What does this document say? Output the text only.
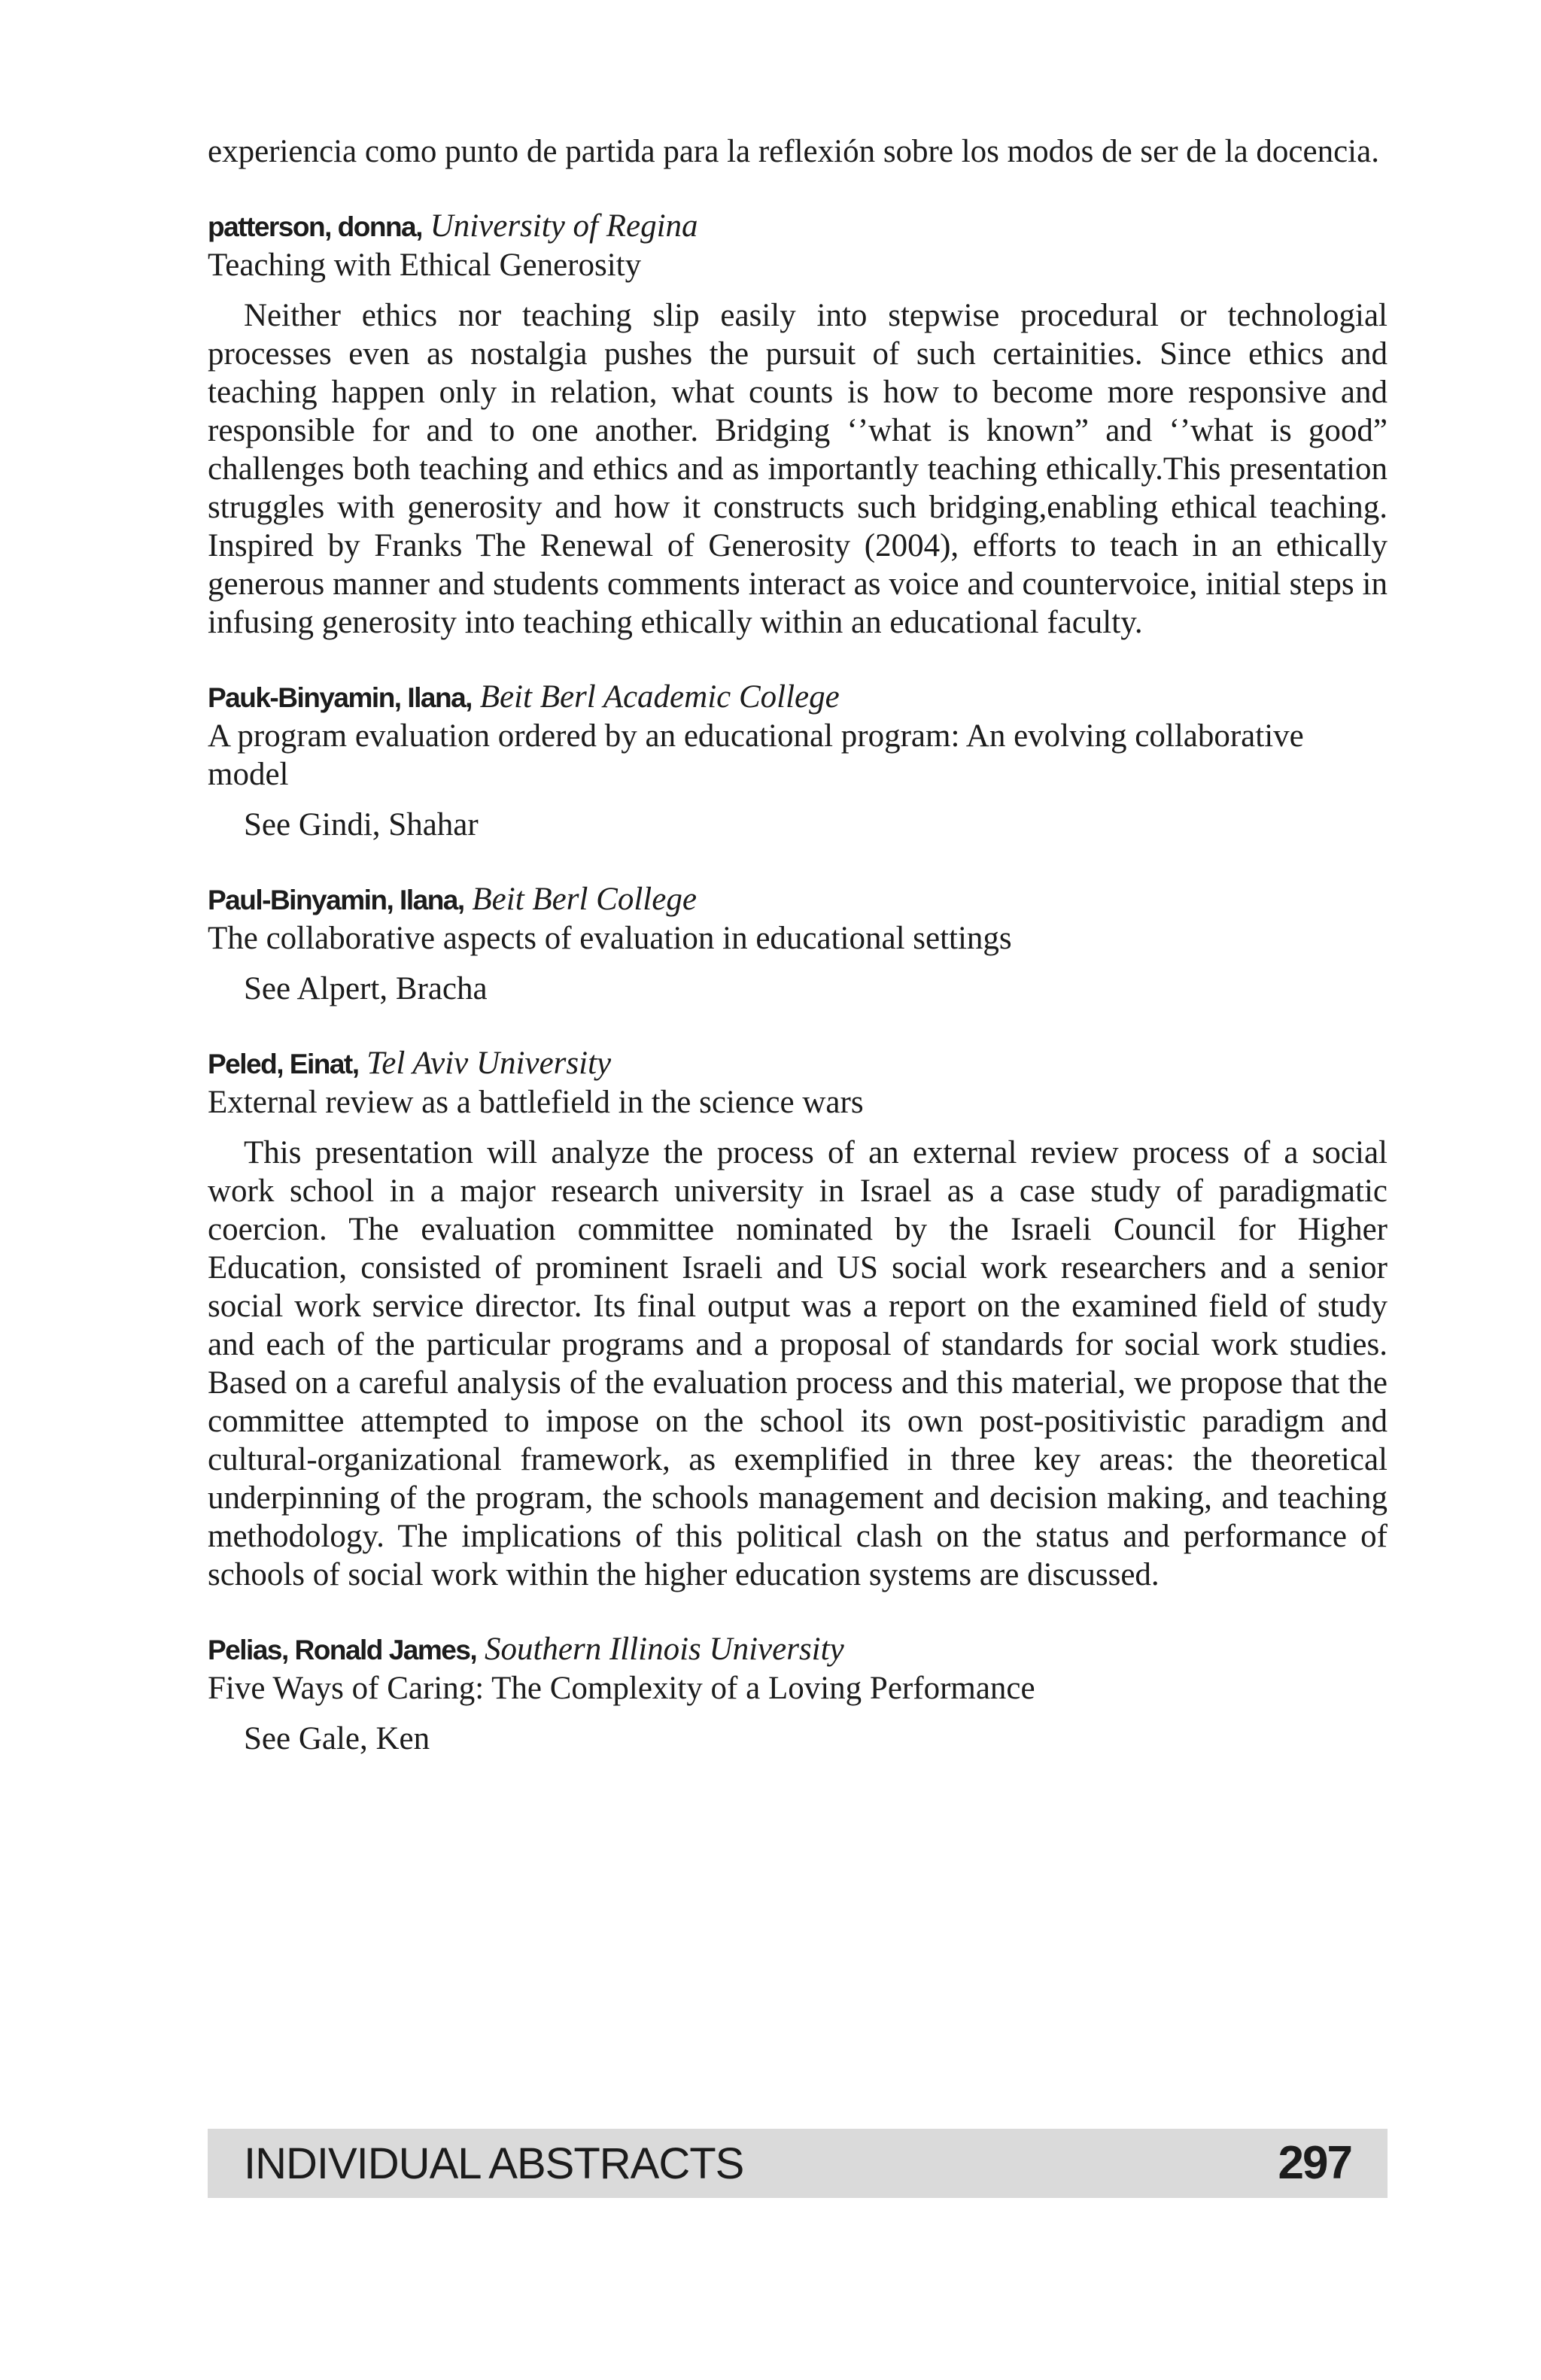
experiencia como punto de partida para la reflexión sobre los modos de ser de la docencia.

patterson, donna, University of Regina

Teaching with Ethical Generosity

Neither ethics nor teaching slip easily into stepwise procedural or technologial processes even as nostalgia pushes the pursuit of such certainities. Since ethics and teaching happen only in relation, what counts is how to become more responsive and responsible for and to one another. Bridging ‘’what is known” and ‘’what is good” challenges both teaching and ethics and as importantly teaching ethically.This presentation struggles with generosity and how it constructs such bridging,enabling ethical teaching. Inspired by Franks The Renewal of Generosity (2004), efforts to teach in an ethically generous manner and students comments interact as voice and countervoice, initial steps in infusing generosity into teaching ethically within an educational faculty.

Pauk-Binyamin, Ilana, Beit Berl Academic College

A program evaluation ordered by an educational program: An evolving collaborative model

See Gindi, Shahar

Paul-Binyamin, Ilana, Beit Berl College

The collaborative aspects of evaluation in educational settings

See Alpert, Bracha

Peled, Einat, Tel Aviv University

External review as a battlefield in the science wars

This presentation will analyze the process of an external review process of a social work school in a major research university in Israel as a case study of paradigmatic coercion. The evaluation committee nominated by the Israeli Council for Higher Education, consisted of prominent Israeli and US social work researchers and a senior social work service director. Its final output was a report on the examined field of study and each of the particular programs and a proposal of standards for social work studies. Based on a careful analysis of the evaluation process and this material, we propose that the committee attempted to impose on the school its own post-positivistic paradigm and cultural-organizational framework, as exemplified in three key areas: the theoretical underpinning of the program, the schools management and decision making, and teaching methodology. The implications of this political clash on the status and performance of schools of social work within the higher education systems are discussed.

Pelias, Ronald James, Southern Illinois University

Five Ways of Caring: The Complexity of a Loving Performance

See Gale, Ken

INDIVIDUAL ABSTRACTS	297
